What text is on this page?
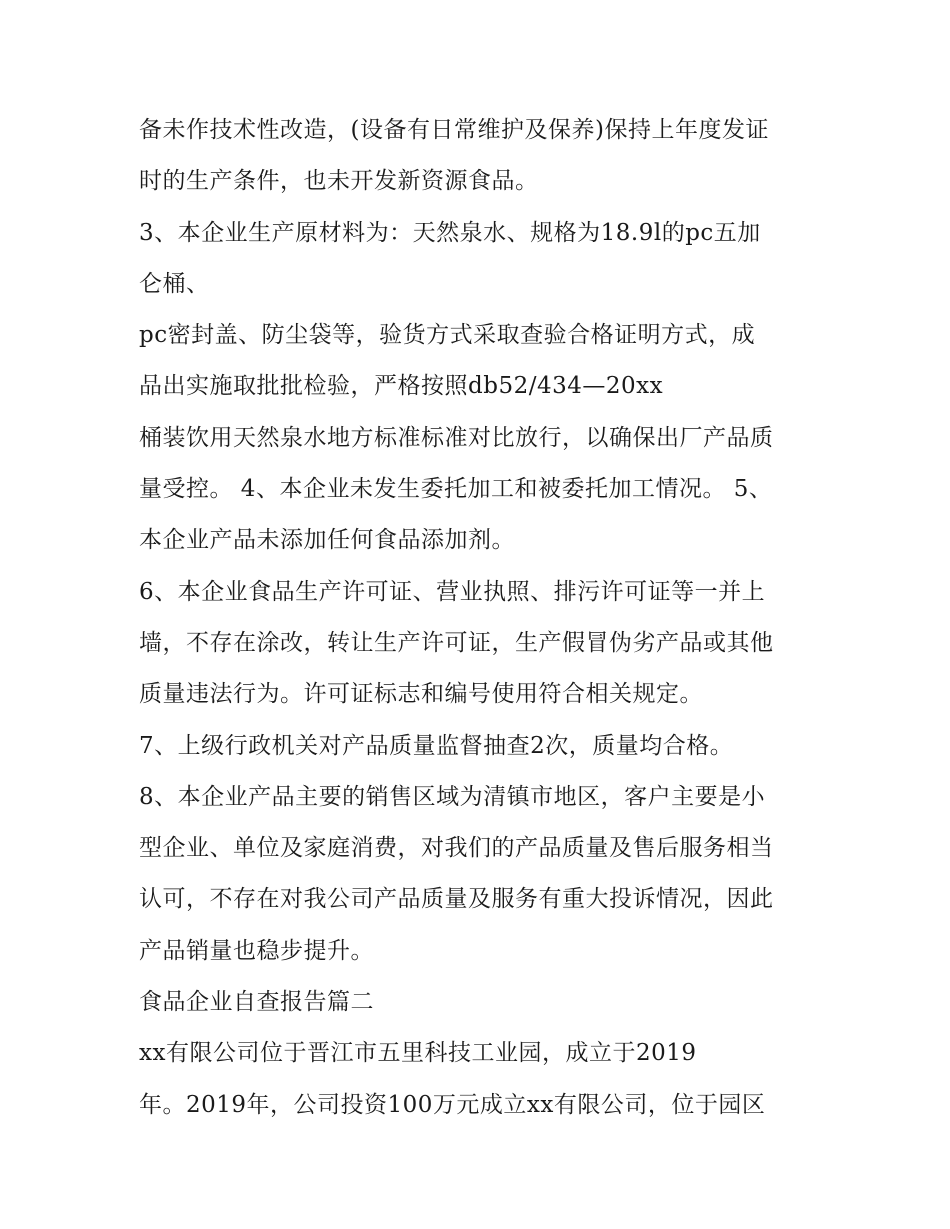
备未作技术性改造，(设备有日常维护及保养)保持上年度发证

时的生产条件，也未开发新资源食品。

3、本企业生产原材料为：天然泉水、规格为18.9l的pc五加

仑桶、

pc密封盖、防尘袋等，验货方式采取查验合格证明方式，成

品出实施取批批检验，严格按照db52/434—20xx

桶装饮用天然泉水地方标准标准对比放行，以确保出厂产品质

量受控。 4、本企业未发生委托加工和被委托加工情况。 5、

本企业产品未添加任何食品添加剂。

6、本企业食品生产许可证、营业执照、排污许可证等一并上

墙，不存在涂改，转让生产许可证，生产假冒伪劣产品或其他

质量违法行为。许可证标志和编号使用符合相关规定。

7、上级行政机关对产品质量监督抽查2次，质量均合格。

8、本企业产品主要的销售区域为清镇市地区，客户主要是小

型企业、单位及家庭消费，对我们的产品质量及售后服务相当

认可，不存在对我公司产品质量及服务有重大投诉情况，因此

产品销量也稳步提升。

食品企业自查报告篇二

xx有限公司位于晋江市五里科技工业园，成立于2019

年。2019年，公司投资100万元成立xx有限公司，位于园区
